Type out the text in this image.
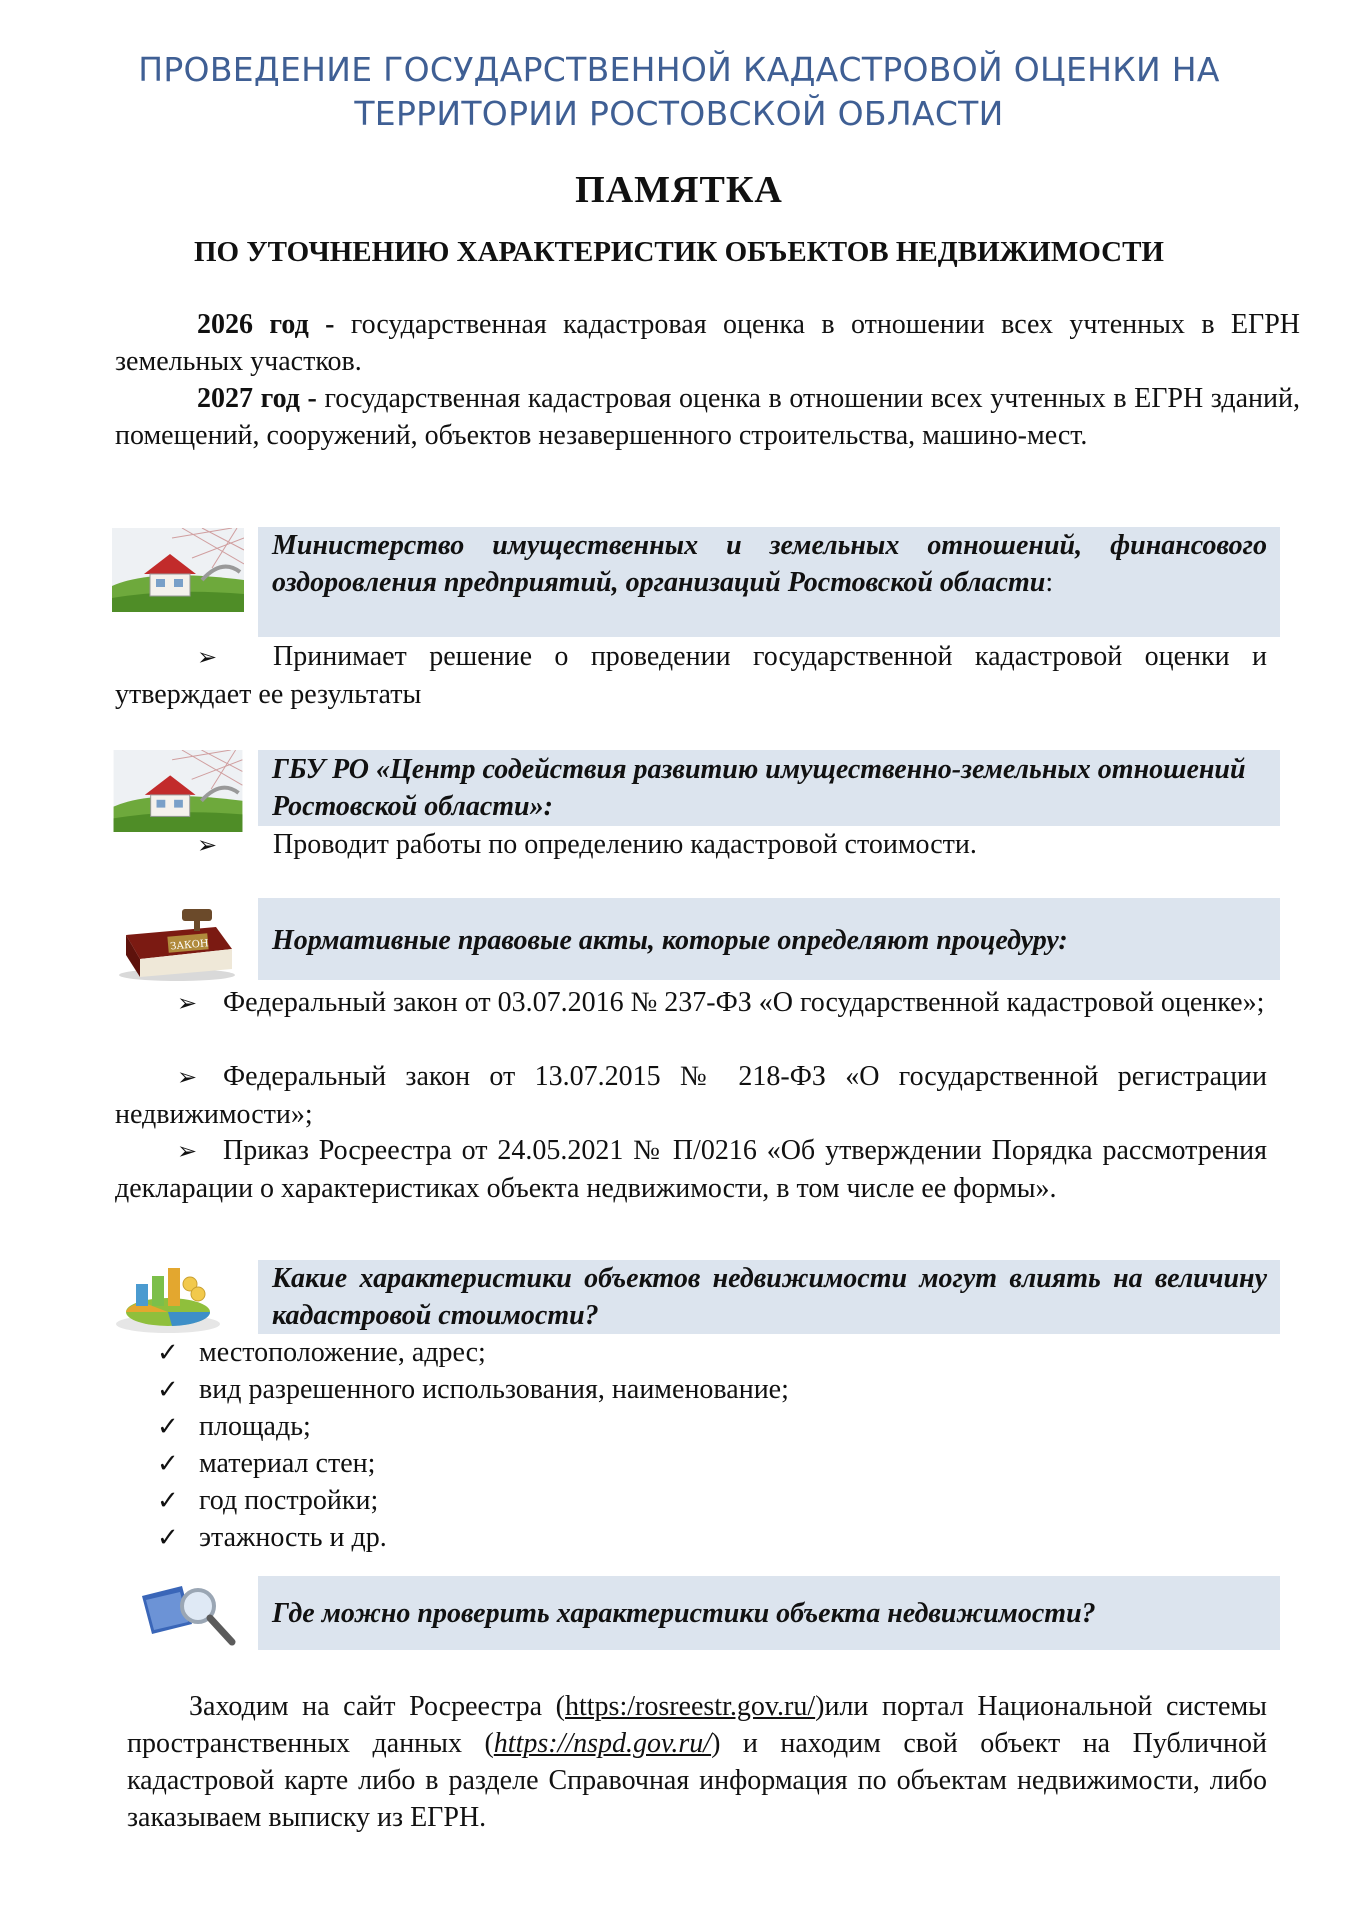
ПРОВЕДЕНИЕ ГОСУДАРСТВЕННОЙ КАДАСТРОВОЙ ОЦЕНКИ НА
ТЕРРИТОРИИ РОСТОВСКОЙ ОБЛАСТИ
ПАМЯТКА
ПО УТОЧНЕНИЮ ХАРАКТЕРИСТИК ОБЪЕКТОВ НЕДВИЖИМОСТИ

2026 год - государственная кадастровая оценка в отношении всех учтенных в ЕГРН земельных участков.

2027 год - государственная кадастровая оценка в отношении всех учтенных в ЕГРН зданий, помещений, сооружений, объектов незавершенного строительства, машино-мест.

Министерство имущественных и земельных отношений, финансового оздоровления предприятий, организаций Ростовской области:
➢ Принимает решение о проведении государственной кадастровой оценки и утверждает ее результаты
ГБУ РО «Центр содействия развитию имущественно-земельных отношений Ростовской области»:
➢ Проводит работы по определению кадастровой стоимости.
ЗАКОН Нормативные правовые акты, которые определяют процедуру:
➢ Федеральный закон от 03.07.2016 № 237-ФЗ «О государственной кадастровой оценке»;
➢ Федеральный закон от 13.07.2015 № 218-ФЗ «О государственной регистрации недвижимости»;
➢ Приказ Росреестра от 24.05.2021 № П/0216 «Об утверждении Порядка рассмотрения декларации о характеристиках объекта недвижимости, в том числе ее формы».
Какие характеристики объектов недвижимости могут влиять на величину кадастровой стоимости?
✓ местоположение, адрес;
✓ вид разрешенного использования, наименование;
✓ площадь;
✓ материал стен;
✓ год постройки;
✓ этажность и др.
Где можно проверить характеристики объекта недвижимости?
Заходим на сайт Росреестра (https:/rosreestr.gov.ru/)или портал Национальной системы пространственных данных (https://nspd.gov.ru/) и находим свой объект на Публичной кадастровой карте либо в разделе Справочная информация по объектам недвижимости, либо заказываем выписку из ЕГРН.
